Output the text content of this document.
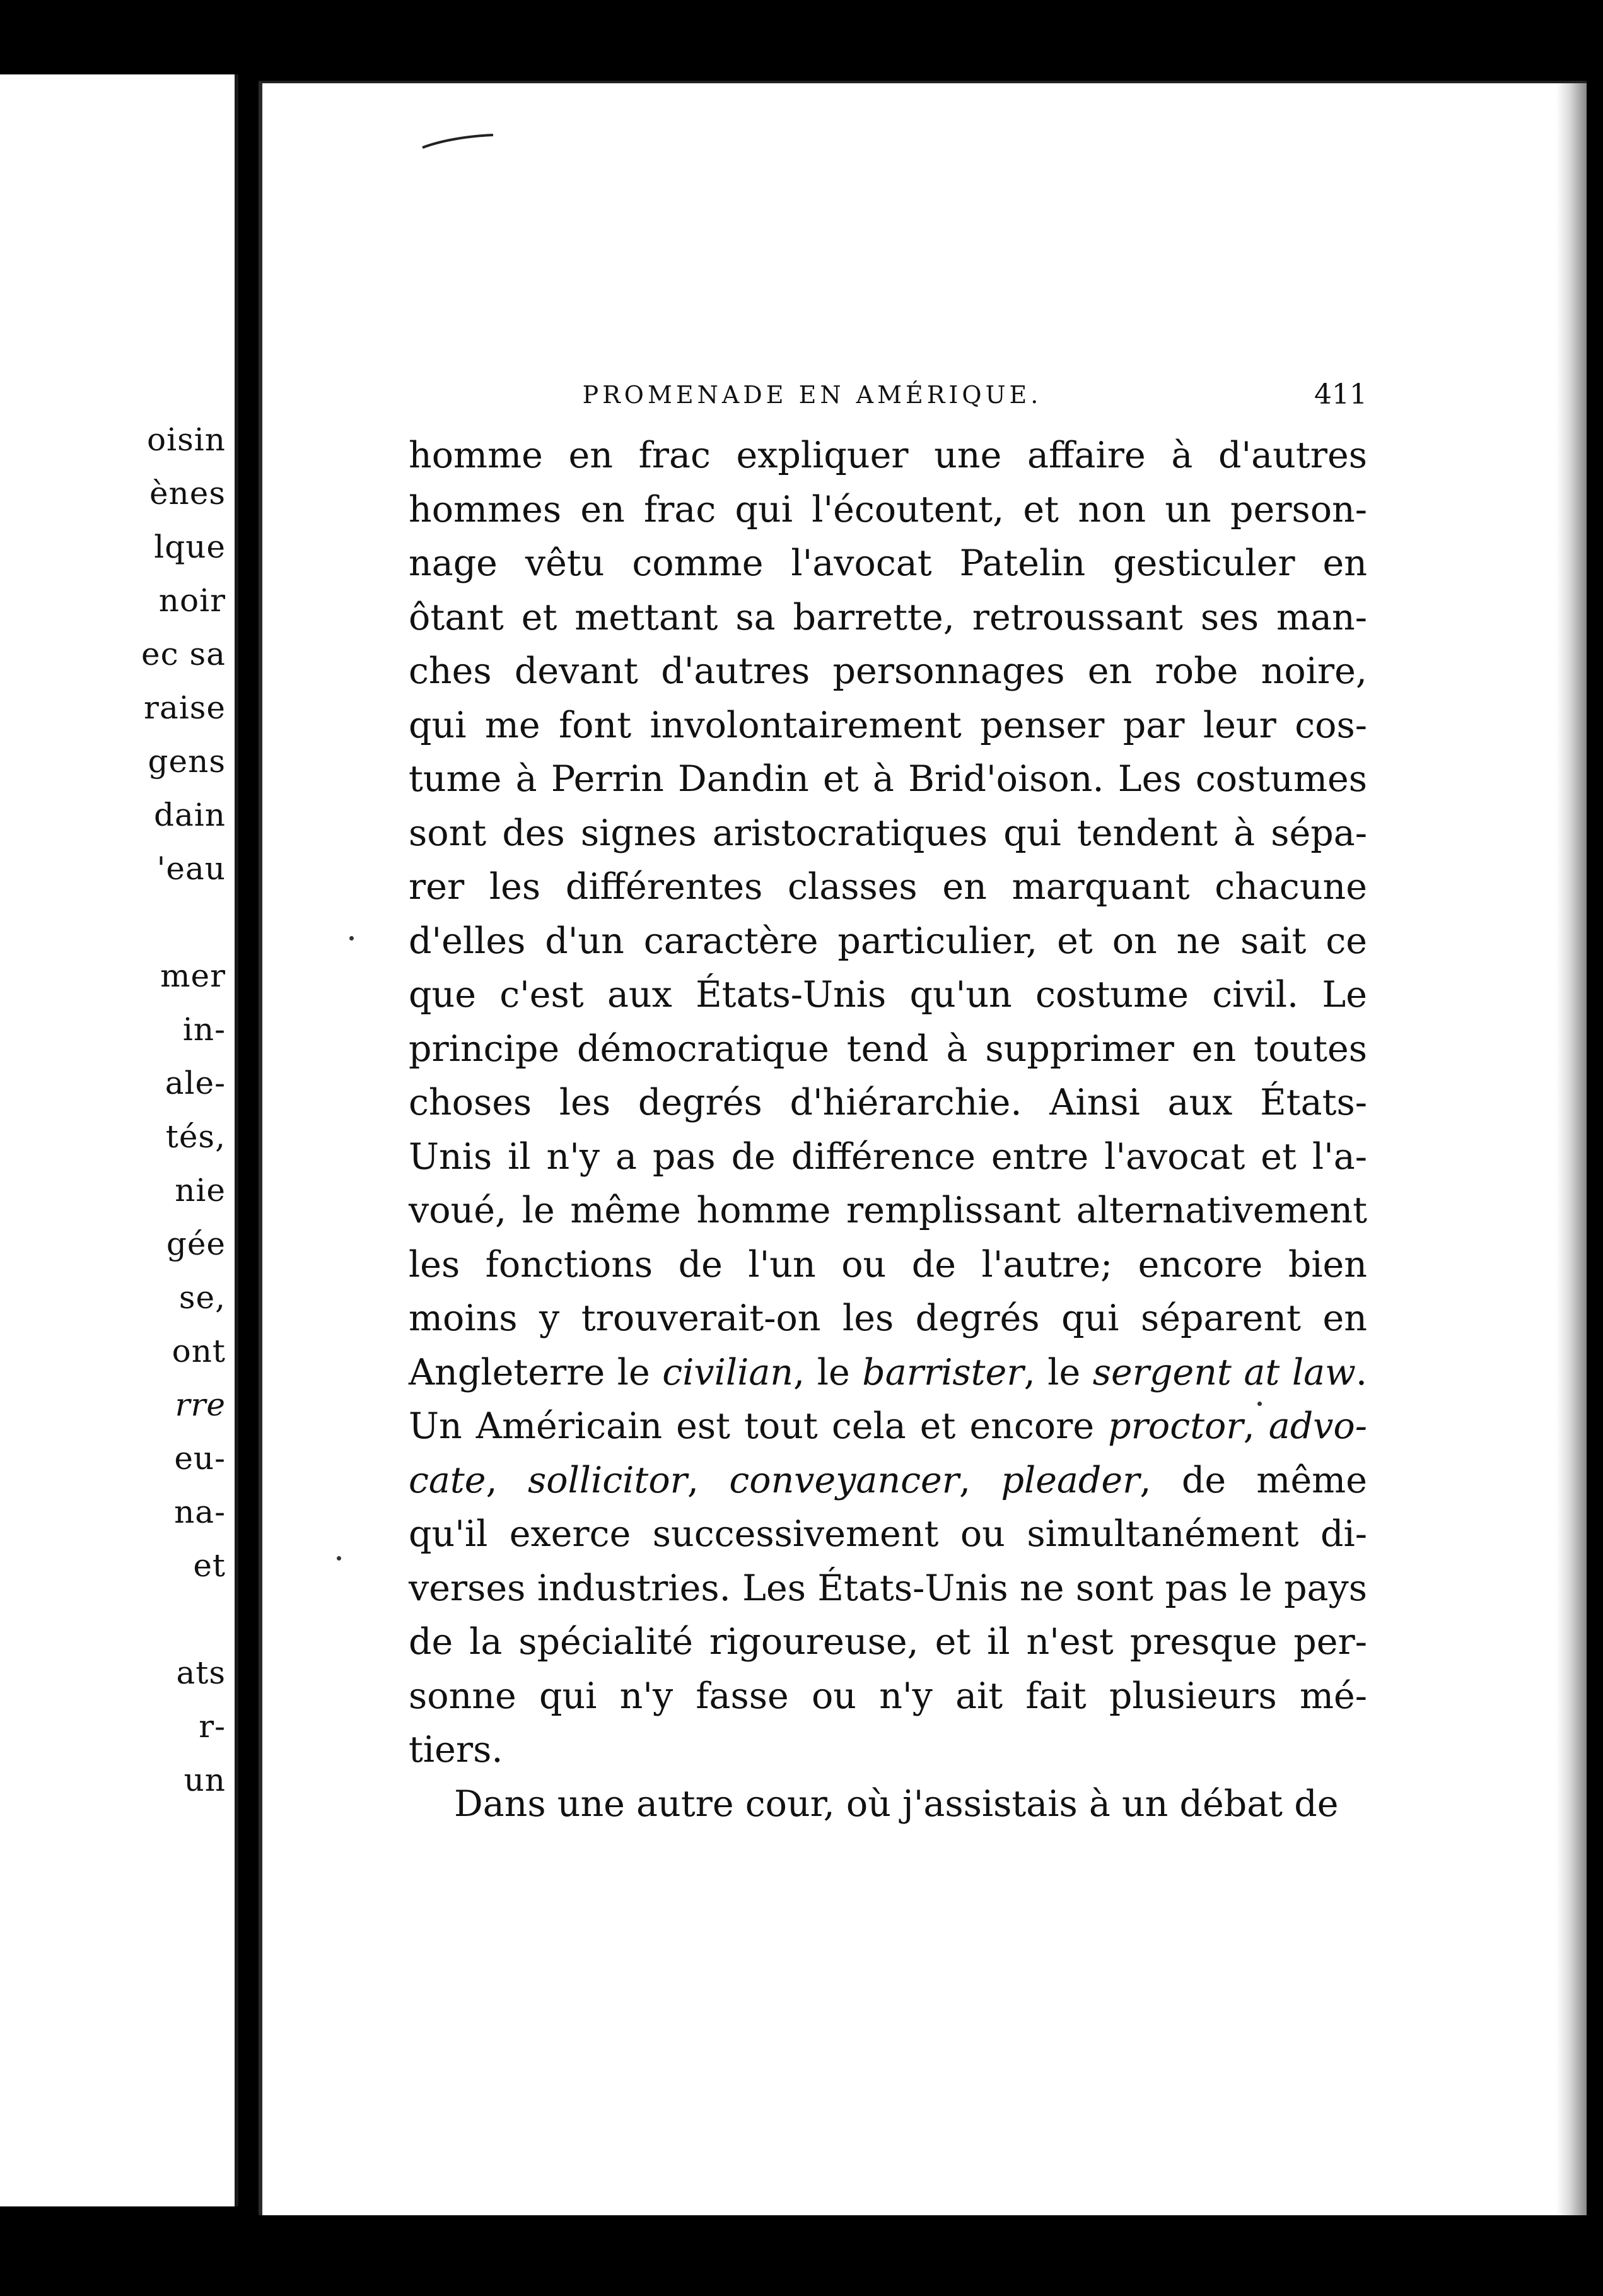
oisin
ènes
lque
noir
ec sa
raise
gens
dain
'eau
mer
in-
ale-
tés,
nie
gée
se,
ont
rre
eu-
na-
et
ats
r-
un
PROMENADE EN AMÉRIQUE.	411
homme en frac expliquer une affaire à d'autres
hommes en frac qui l'écoutent, et non un person-
nage vêtu comme l'avocat Patelin gesticuler en
ôtant et mettant sa barrette, retroussant ses man-
ches devant d'autres personnages en robe noire,
qui me font involontairement penser par leur cos-
tume à Perrin Dandin et à Brid'oison. Les costumes
sont des signes aristocratiques qui tendent à sépa-
rer les différentes classes en marquant chacune
d'elles d'un caractère particulier, et on ne sait ce
que c'est aux États-Unis qu'un costume civil. Le
principe démocratique tend à supprimer en toutes
choses les degrés d'hiérarchie. Ainsi aux États-
Unis il n'y a pas de différence entre l'avocat et l'a-
voué, le même homme remplissant alternativement
les fonctions de l'un ou de l'autre; encore bien
moins y trouverait-on les degrés qui séparent en
Angleterre le civilian, le barrister, le sergent at law.
Un Américain est tout cela et encore proctor, advo-
cate, sollicitor, conveyancer, pleader, de même
qu'il exerce successivement ou simultanément di-
verses industries. Les États-Unis ne sont pas le pays
de la spécialité rigoureuse, et il n'est presque per-
sonne qui n'y fasse ou n'y ait fait plusieurs mé-
tiers.
Dans une autre cour, où j'assistais à un débat de
